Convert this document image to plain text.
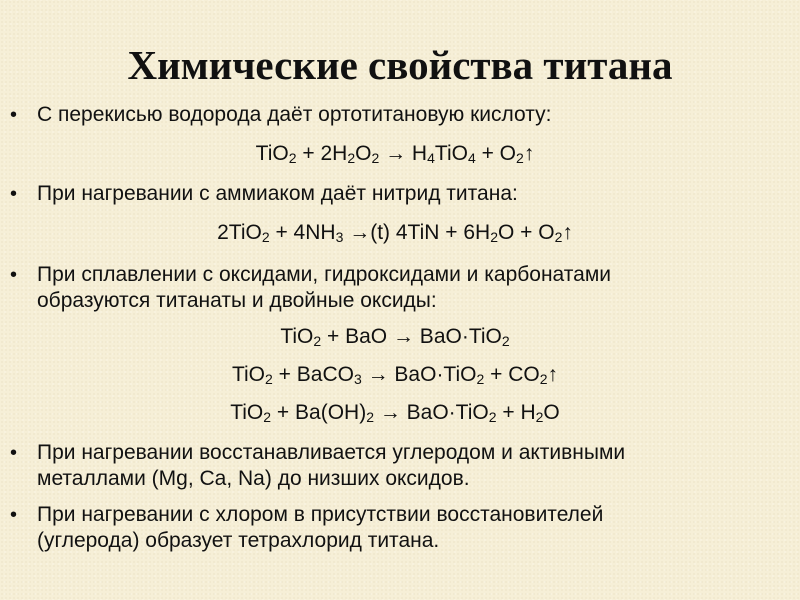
Химические свойства титана

• С перекисью водорода даёт ортотитановую кислоту:

$TiO_2 + 2H_2O_2 \to H_4TiO_4$ + $O_2↑$

• При нагревании с аммиаком даёт нитрид титана:

$2TiO_2 + 4NH_3 \to(t) 4TiN + 6H_2O$ + $O_2↑$

• При сплавлении с оксидами, гидроксидами и карбонатами
образуются титанаты и двойные оксиды:

TiO$_2$ + BaO → BaO·TiO$_2$

TiO$_2$ + BaCO$_3$ → $BaO\cdot TiO_2 + CO_2↑$

$TiO_2 + Ba(OH)_2 \to BaO\cdot TiO_2 + H_2O$

• При нагревании восстанавливается углеродом и активными
металлами (Mg, Ca, Na) до низших оксидов.

• При нагревании с хлором в присутствии восстановителей
(углерода) образует тетрахлорид титана.
